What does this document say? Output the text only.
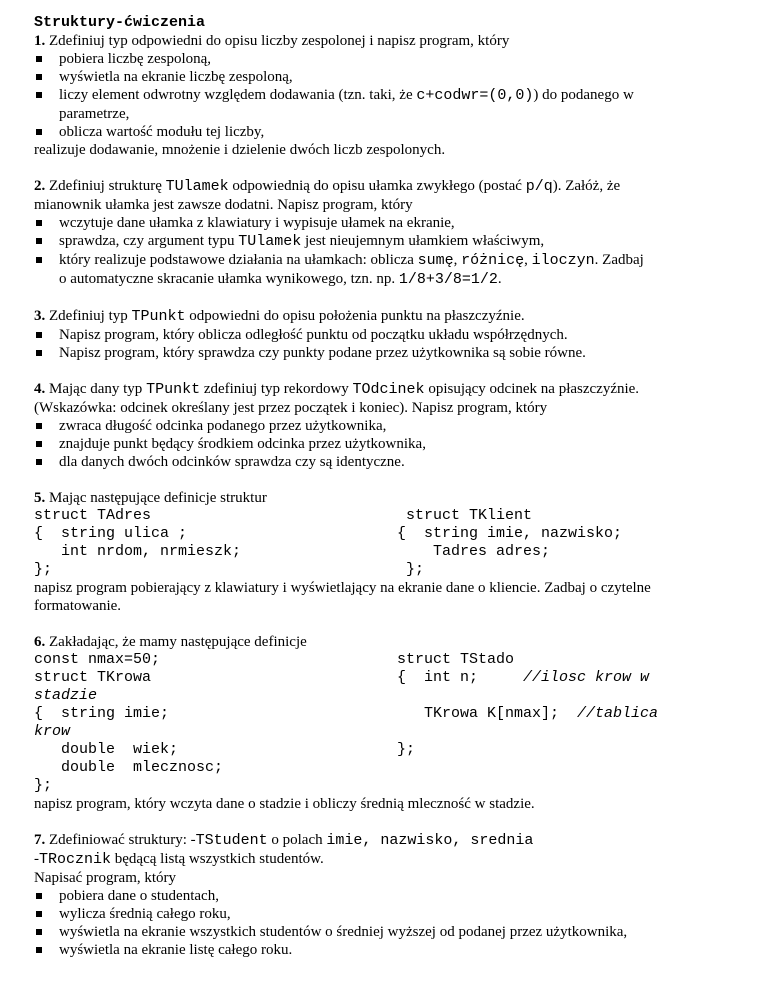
Struktury-ćwiczenia
1. Zdefiniuj typ odpowiedni do opisu liczby zespolonej i napisz program, który
pobiera liczbę zespoloną,
wyświetla na ekranie liczbę zespoloną,
liczy element odwrotny względem dodawania (tzn. taki, że c+codwr=(0,0)) do podanego w
parametrze,
oblicza wartość modułu tej liczby,
realizuje dodawanie, mnożenie i dzielenie dwóch liczb zespolonych.
2. Zdefiniuj strukturę TUlamek odpowiednią do opisu ułamka zwykłego (postać p/q). Załóż, że
mianownik ułamka jest zawsze dodatni. Napisz program, który
wczytuje dane ułamka z klawiatury i wypisuje ułamek na ekranie,
sprawdza, czy argument typu TUlamek jest nieujemnym ułamkiem właściwym,
który realizuje podstawowe działania na ułamkach: oblicza sumę, różnicę, iloczyn. Zadbaj
o automatyczne skracanie ułamka wynikowego, tzn. np. 1/8+3/8=1/2.
3. Zdefiniuj typ TPunkt odpowiedni do opisu położenia punktu na płaszczyźnie.
Napisz program, który oblicza odległość punktu od początku układu współrzędnych.
Napisz program, który sprawdza czy punkty podane przez użytkownika są sobie równe.
4. Mając dany typ TPunkt zdefiniuj typ rekordowy TOdcinek opisujący odcinek na płaszczyźnie.
(Wskazówka: odcinek określany jest przez początek i koniec). Napisz program, który
zwraca długość odcinka podanego przez użytkownika,
znajduje punkt będący środkiem odcinka przez użytkownika,
dla danych dwóch odcinków sprawdza czy są identyczne.
5. Mając następujące definicje struktur
struct TAdres
{  string ulica ;
int nrdom, nrmieszk;
};
struct TKlient
{  string imie, nazwisko;
Tadres adres;
};
napisz program pobierający z klawiatury i wyświetlający na ekranie dane o kliencie. Zadbaj o czytelne
formatowanie.
6. Zakładając, że mamy następujące definicje
const nmax=50;
struct TKrowa
stadzie
{  string imie;
krow
double  wiek;
double  mlecznosc;
};
struct TStado
{  int n;	//ilosc krow w
TKrowa K[nmax]; //tablica
};
napisz program, który wczyta dane o stadzie i obliczy średnią mleczność w stadzie.
7. Zdefiniować struktury: -TStudent o polach imie, nazwisko, srednia
-TRocznik będącą listą wszystkich studentów.
Napisać program, który
pobiera dane o studentach,
wylicza średnią całego roku,
wyświetla na ekranie wszystkich studentów o średniej wyższej od podanej przez użytkownika,
wyświetla na ekranie listę całego roku.
